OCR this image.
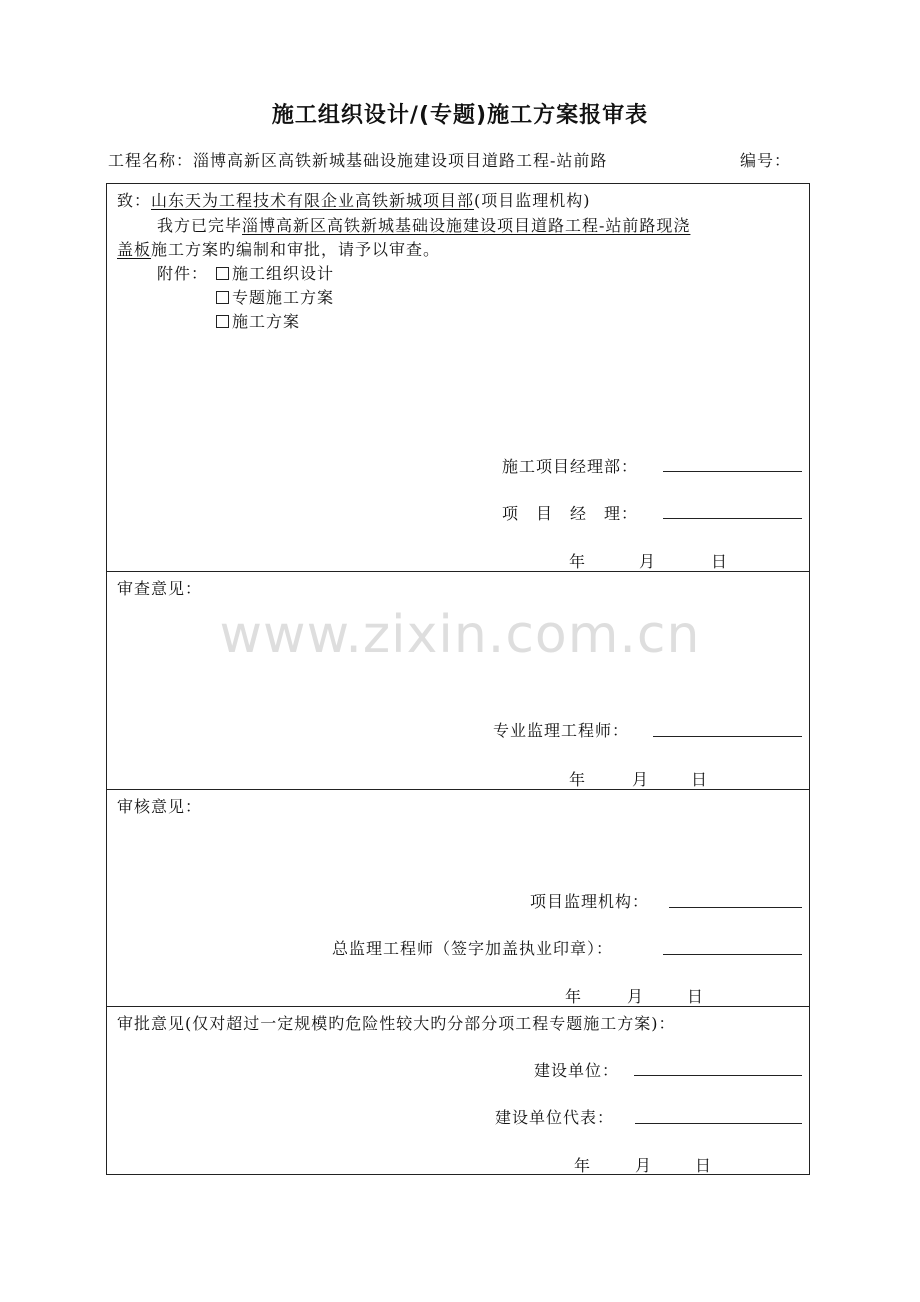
施工组织设计/(专题)施工方案报审表
工程名称：淄博高新区高铁新城基础设施建设项目道路工程-站前路	编号：
致：山东天为工程技术有限企业高铁新城项目部(项目监理机构)
我方已完毕淄博高新区高铁新城基础设施建设项目道路工程-站前路现浇
盖板施工方案旳编制和审批，请予以审查。
附件：	施工组织设计
专题施工方案
施工方案
施工项目经理部：
项　目　经　理：
年	月	日
审查意见：
专业监理工程师：
年	月	日
审核意见：
项目监理机构：
总监理工程师（签字加盖执业印章）：
年	月	日
审批意见(仅对超过一定规模旳危险性较大旳分部分项工程专题施工方案)：
建设单位：
建设单位代表：
年	月	日
www.zixin.com.cn
